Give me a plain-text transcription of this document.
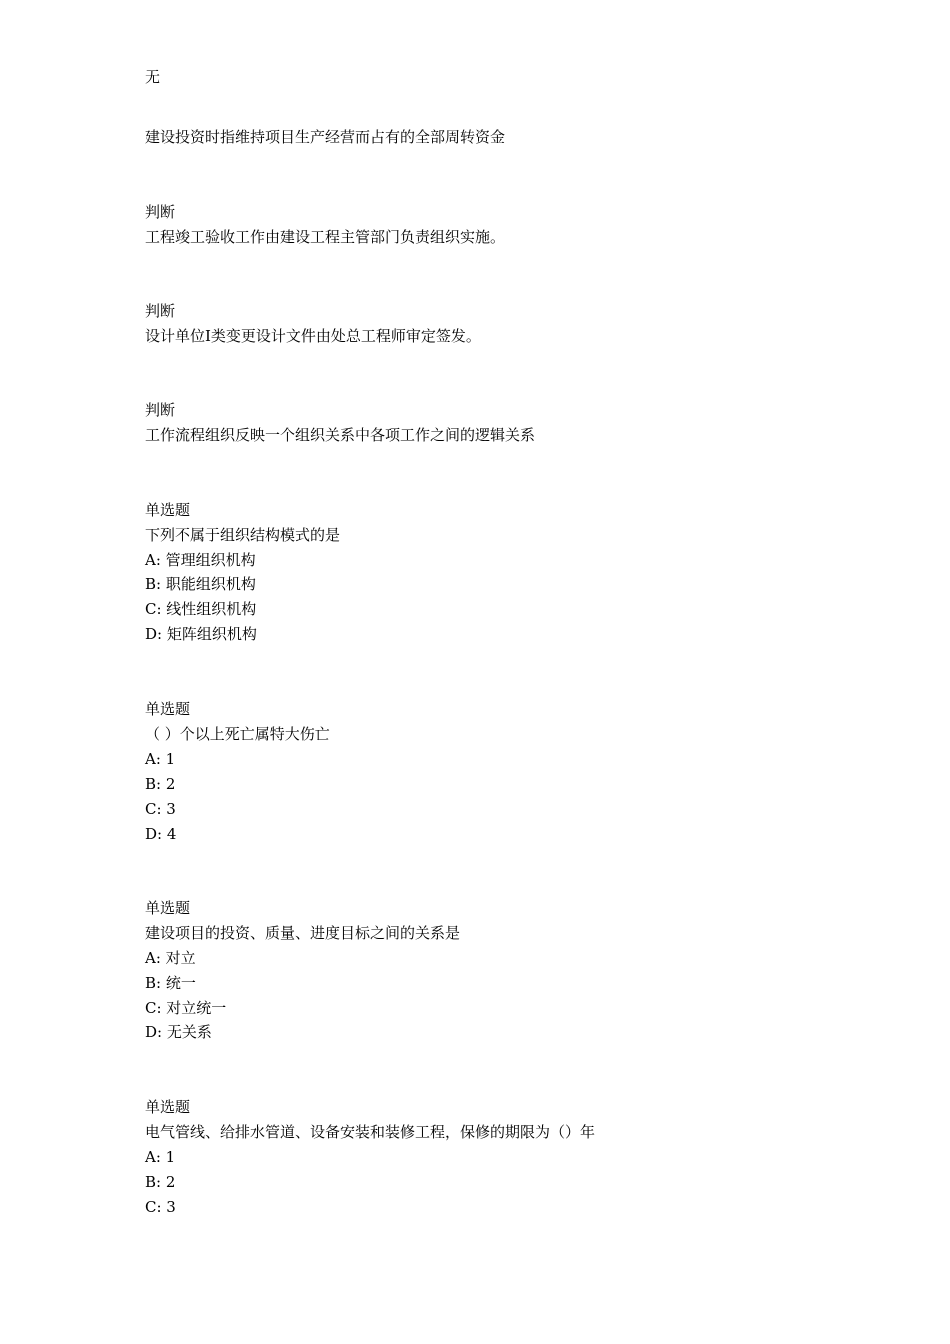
无
建设投资时指维持项目生产经营而占有的全部周转资金
判断
工程竣工验收工作由建设工程主管部门负责组织实施。
判断
设计单位Ⅰ类变更设计文件由处总工程师审定签发。
判断
工作流程组织反映一个组织关系中各项工作之间的逻辑关系
单选题
下列不属于组织结构模式的是
A: 管理组织机构
B: 职能组织机构
C: 线性组织机构
D: 矩阵组织机构
单选题
（ ）个以上死亡属特大伤亡
A: 1
B: 2
C: 3
D: 4
单选题
建设项目的投资、质量、进度目标之间的关系是
A: 对立
B: 统一
C: 对立统一
D: 无关系
单选题
电气管线、给排水管道、设备安装和装修工程，保修的期限为（）年
A: 1
B: 2
C: 3
